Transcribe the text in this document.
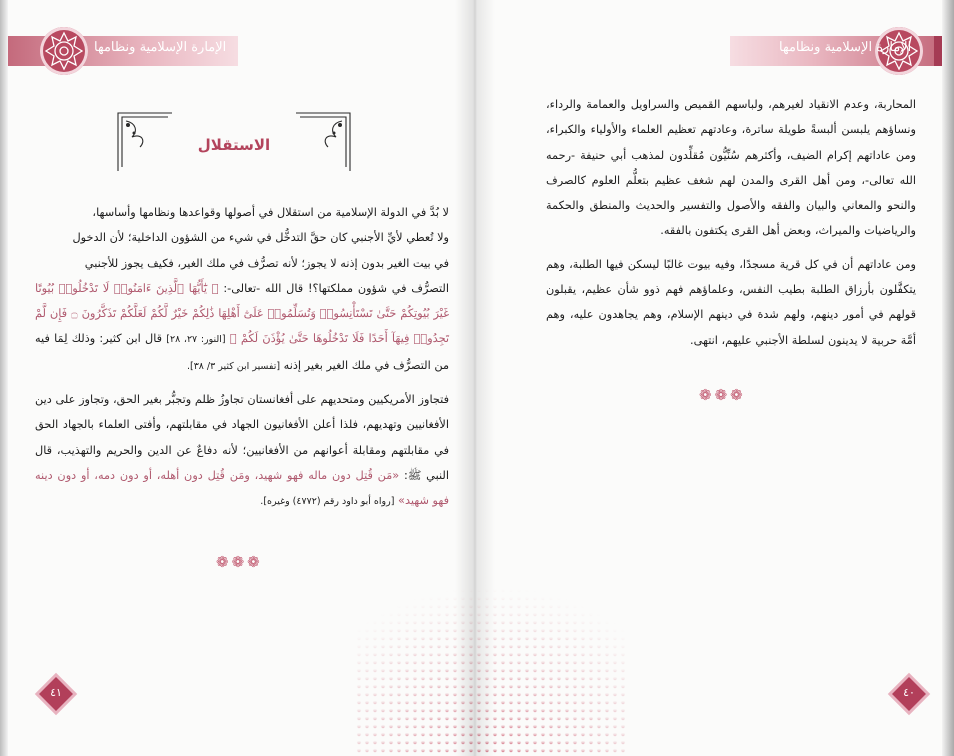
الإمارة الإسلامية ونظامها
الاستقلال

لا بُدَّ في الدولة الإسلامية من استقلال في أصولها وقواعدها ونظامها وأساسها،

ولا تُعطي لأيِّ الأجنبي كان حقَّ التدخُّل في شيء من الشؤون الداخلية؛ لأن الدخول

في بيت الغير بدون إذنه لا يجوز؛ لأنه تصرُّف في ملك الغير، فكيف يجوز للأجنبي

التصرُّف في شؤون مملكتها؟! قال الله -تعالى-: ﴿ يَٰٓأَيُّهَا ٱلَّذِينَ ءَامَنُوا۟ لَا تَدْخُلُوا۟ بُيُوتًا غَيْرَ بُيُوتِكُمْ حَتَّىٰ تَسْتَأْنِسُوا۟ وَتُسَلِّمُوا۟ عَلَىٰٓ أَهْلِهَا ذَٰلِكُمْ خَيْرٌ لَّكُمْ لَعَلَّكُمْ تَذَكَّرُونَ ۝ فَإِن لَّمْ تَجِدُوا۟ فِيهَآ أَحَدًا فَلَا تَدْخُلُوهَا حَتَّىٰ يُؤْذَنَ لَكُمْ ﴾ [النور: ٢٧، ٢٨] قال ابن كثير: وذلك لِمَا فيه من التصرُّف في ملك الغير بغير إذنه [تفسير ابن كثير ٣/ ٣٨].

فتجاوز الأمريكيين ومتحديهم على أفغانستان تجاوزُ ظلم وتجبُّر بغير الحق، وتجاوز على دين الأفغانيين وتهديهم، فلذا أعلن الأفغانيون الجهاد في مقابلتهم، وأفتى العلماء بالجهاد الحق في مقابلتهم ومقابلة أعوانهم من الأفغانيين؛ لأنه دفاعٌ عن الدين والحريم والتهذيب، قال النبي ﷺ: «مَن قُتِل دون ماله فهو شهيد، ومَن قُتِل دون أهله، أو دون دمه، أو دون دينه فهو شهيد» [رواه أبو داود رقم (٤٧٧٢) وغيره].

❁❁❁
٤١
الإمارة الإسلامية ونظامها

المحاربة، وعدم الانقياد لغيرهم، ولباسهم القميص والسراويل والعمامة والرداء، ونساؤهم يلبسن ألبسةً طويلة ساترة، وعادتهم تعظيم العلماء والأولياء والكبراء، ومن عاداتهم إكرام الضيف، وأكثرهم سُنِّيُّون مُقلِّدون لمذهب أبي حنيفة -رحمه الله تعالى-، ومن أهل القرى والمدن لهم شغف عظيم بتعلُّم العلوم كالصرف والنحو والمعاني والبيان والفقه والأصول والتفسير والحديث والمنطق والحكمة والرياضيات والميراث، وبعض أهل القرى يكتفون بالفقه.

ومن عاداتهم أن في كل قرية مسجدًا، وفيه بيوت غالبًا ليسكن فيها الطلبة، وهم يتكفَّلون بأرزاق الطلبة بطيب النفس، وعلماؤهم فهم ذوو شأن عظيم، يقبلون قولهم في أمور دينهم، ولهم شدة في دينهم الإسلام، وهم يجاهدون عليه، وهم أمَّة حربية لا يدينون لسلطة الأجنبي عليهم، انتهى.

❁❁❁
٤٠
